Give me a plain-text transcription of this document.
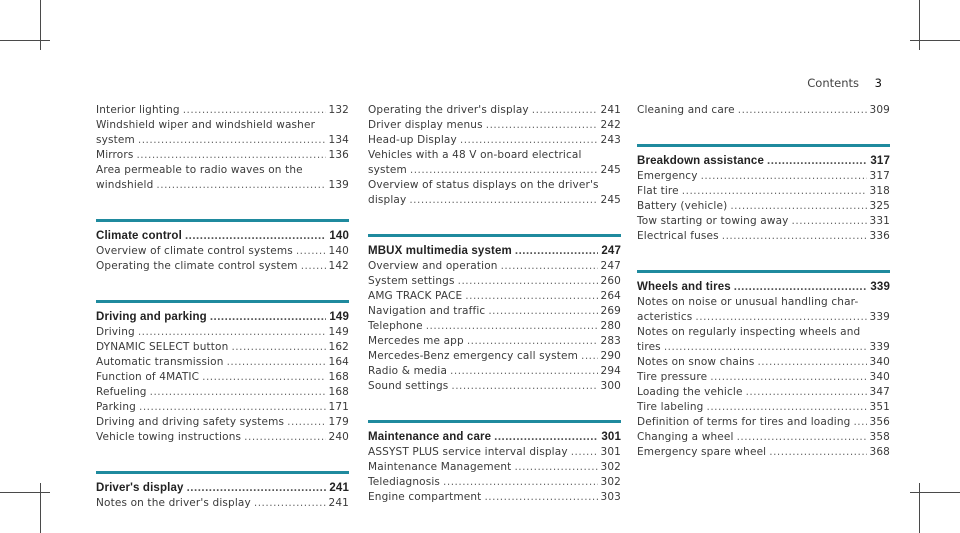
Contents 3
Interior lighting .....	132
Windshield wiper and windshield washer
system .....	134
Mirrors .....	136
Area permeable to radio waves on the
windshield .....	139
Climate control .....	140
Overview of climate control systems .....	140
Operating the climate control system .....	142
Driving and parking .....	149
Driving .....	149
DYNAMIC SELECT button .....	162
Automatic transmission .....	164
Function of 4MATIC .....	168
Refueling .....	168
Parking .....	171
Driving and driving safety systems .....	179
Vehicle towing instructions .....	240
Driver's display .....	241
Notes on the driver's display .....	241
Operating the driver's display .....	241
Driver display menus .....	242
Head-up Display .....	243
Vehicles with a 48 V on-board electrical
system .....	245
Overview of status displays on the driver's
display .....	245
MBUX multimedia system .....	247
Overview and operation .....	247
System settings .....	260
AMG TRACK PACE .....	264
Navigation and traffic .....	269
Telephone .....	280
Mercedes me app .....	283
Mercedes-Benz emergency call system ..... 290
Radio & media .....	294
Sound settings .....	300
Maintenance and care .....	301
ASSYST PLUS service interval display .....	301
Maintenance Management .....	302
Telediagnosis .....	302
Engine compartment .....	303
Cleaning and care .....	309
Breakdown assistance .....	317
Emergency .....	317
Flat tire .....	318
Battery (vehicle) .....	325
Tow starting or towing away .....	331
Electrical fuses .....	336
Wheels and tires .....	339
Notes on noise or unusual handling char-
acteristics .....	339
Notes on regularly inspecting wheels and
tires .....	339
Notes on snow chains .....	340
Tire pressure .....	340
Loading the vehicle .....	347
Tire labeling .....	351
Definition of terms for tires and loading ..... 356
Changing a wheel .....	358
Emergency spare wheel .....	368
